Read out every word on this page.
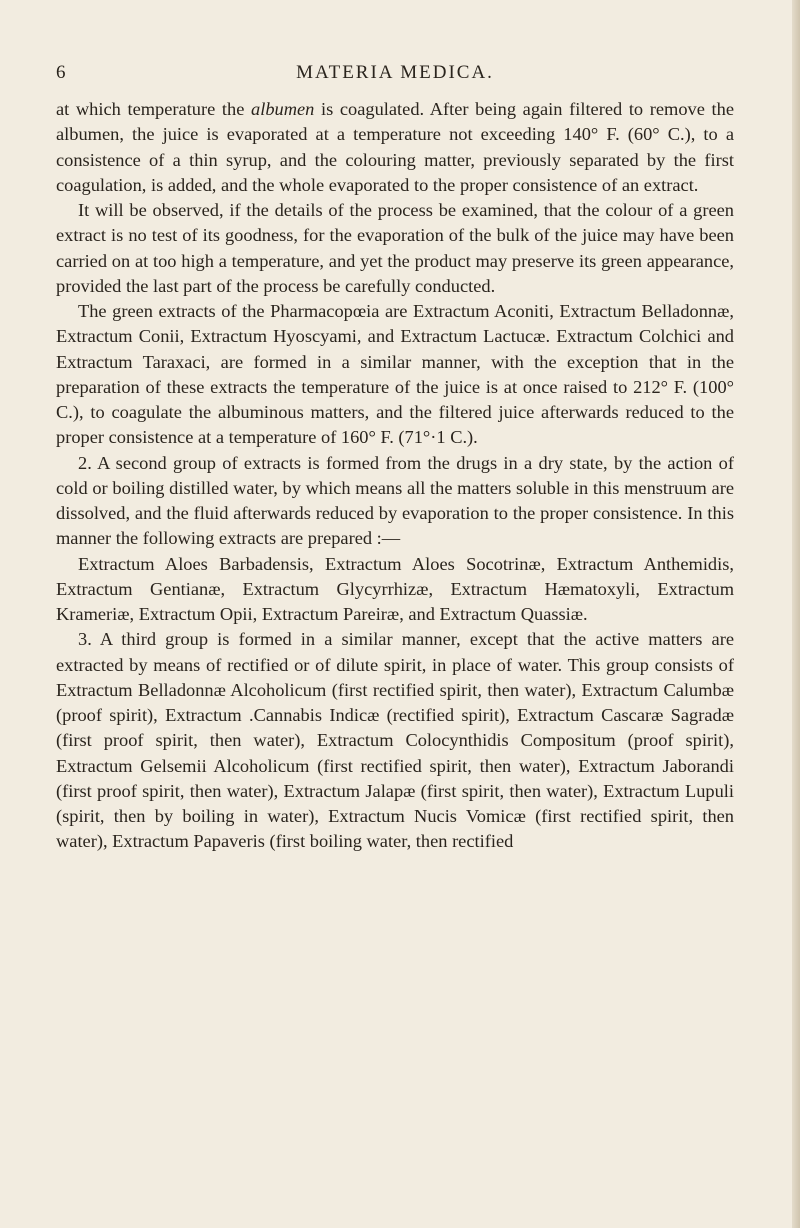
6	MATERIA MEDICA.

at which temperature the albumen is coagulated. After being again filtered to remove the albumen, the juice is evaporated at a temperature not exceeding 140° F. (60° C.), to a consistence of a thin syrup, and the colouring matter, previously separated by the first coagulation, is added, and the whole evaporated to the proper consistence of an extract.

It will be observed, if the details of the process be examined, that the colour of a green extract is no test of its goodness, for the evaporation of the bulk of the juice may have been carried on at too high a temperature, and yet the product may preserve its green appearance, provided the last part of the process be carefully conducted.

The green extracts of the Pharmacopœia are Extractum Aconiti, Extractum Belladonnæ, Extractum Conii, Extractum Hyoscyami, and Extractum Lactucæ. Extractum Colchici and Extractum Taraxaci, are formed in a similar manner, with the exception that in the preparation of these extracts the temperature of the juice is at once raised to 212° F. (100° C.), to coagulate the albuminous matters, and the filtered juice afterwards reduced to the proper consistence at a temperature of 160° F. (71°·1 C.).

2. A second group of extracts is formed from the drugs in a dry state, by the action of cold or boiling distilled water, by which means all the matters soluble in this menstruum are dissolved, and the fluid afterwards reduced by evaporation to the proper consistence. In this manner the following extracts are prepared :—

Extractum Aloes Barbadensis, Extractum Aloes Socotrinæ, Extractum Anthemidis, Extractum Gentianæ, Extractum Glycyrrhizæ, Extractum Hæmatoxyli, Extractum Krameriæ, Extractum Opii, Extractum Pareiræ, and Extractum Quassiæ.

3. A third group is formed in a similar manner, except that the active matters are extracted by means of rectified or of dilute spirit, in place of water. This group consists of Extractum Belladonnæ Alcoholicum (first rectified spirit, then water), Extractum Calumbæ (proof spirit), Extractum .Cannabis Indicæ (rectified spirit), Extractum Cascaræ Sagradæ (first proof spirit, then water), Extractum Colocynthidis Compositum (proof spirit), Extractum Gelsemii Alcoholicum (first rectified spirit, then water), Extractum Jaborandi (first proof spirit, then water), Extractum Jalapæ (first spirit, then water), Extractum Lupuli (spirit, then by boiling in water), Extractum Nucis Vomicæ (first rectified spirit, then water), Extractum Papaveris (first boiling water, then rectified
